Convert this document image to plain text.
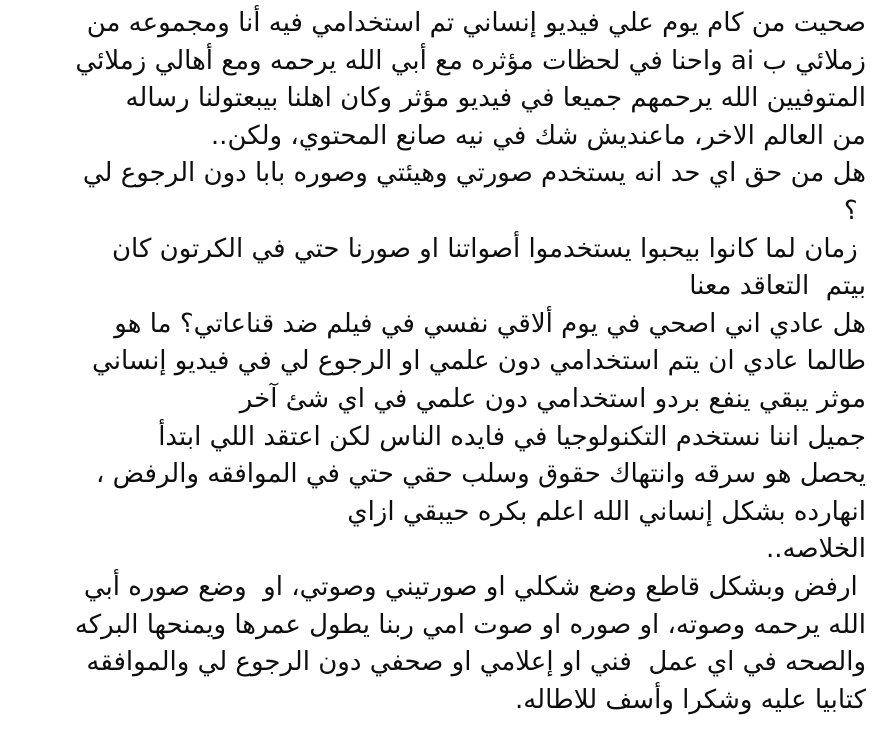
صحيت من كام يوم علي فيديو إنساني تم استخدامي فيه أنا ومجموعه من
زملائي ب ai واحنا في لحظات مؤثره مع أبي الله يرحمه ومع أهالي زملائي
المتوفيين الله يرحمهم جميعا في فيديو مؤثر وكان اهلنا بيبعتولنا رساله
من العالم الاخر، ماعنديش شك في نيه صانع المحتوي، ولكن..
هل من حق اي حد انه يستخدم صورتي وهيئتي وصوره بابا دون الرجوع لي
؟
زمان لما كانوا بيحبوا يستخدموا أصواتنا او صورنا حتي في الكرتون كان
بيتم  التعاقد معنا
هل عادي اني اصحي في يوم ألاقي نفسي في فيلم ضد قناعاتي؟ ما هو
طالما عادي ان يتم استخدامي دون علمي او الرجوع لي في فيديو إنساني
موثر يبقي ينفع بردو استخدامي دون علمي في اي شئ آخر
جميل اننا نستخدم التكنولوجيا في فايده الناس لكن اعتقد اللي ابتدأ
يحصل هو سرقه وانتهاك حقوق وسلب حقي حتي في الموافقه والرفض ،
انهارده بشكل إنساني الله اعلم بكره حيبقي ازاي
الخلاصه..
ارفض وبشكل قاطع وضع شكلي او صورتيني وصوتي، او  وضع صوره أبي
الله يرحمه وصوته، او صوره او صوت امي ربنا يطول عمرها ويمنحها البركه
والصحه في اي عمل  فني او إعلامي او صحفي دون الرجوع لي والموافقه
كتابيا عليه وشكرا وأسف للاطاله.
